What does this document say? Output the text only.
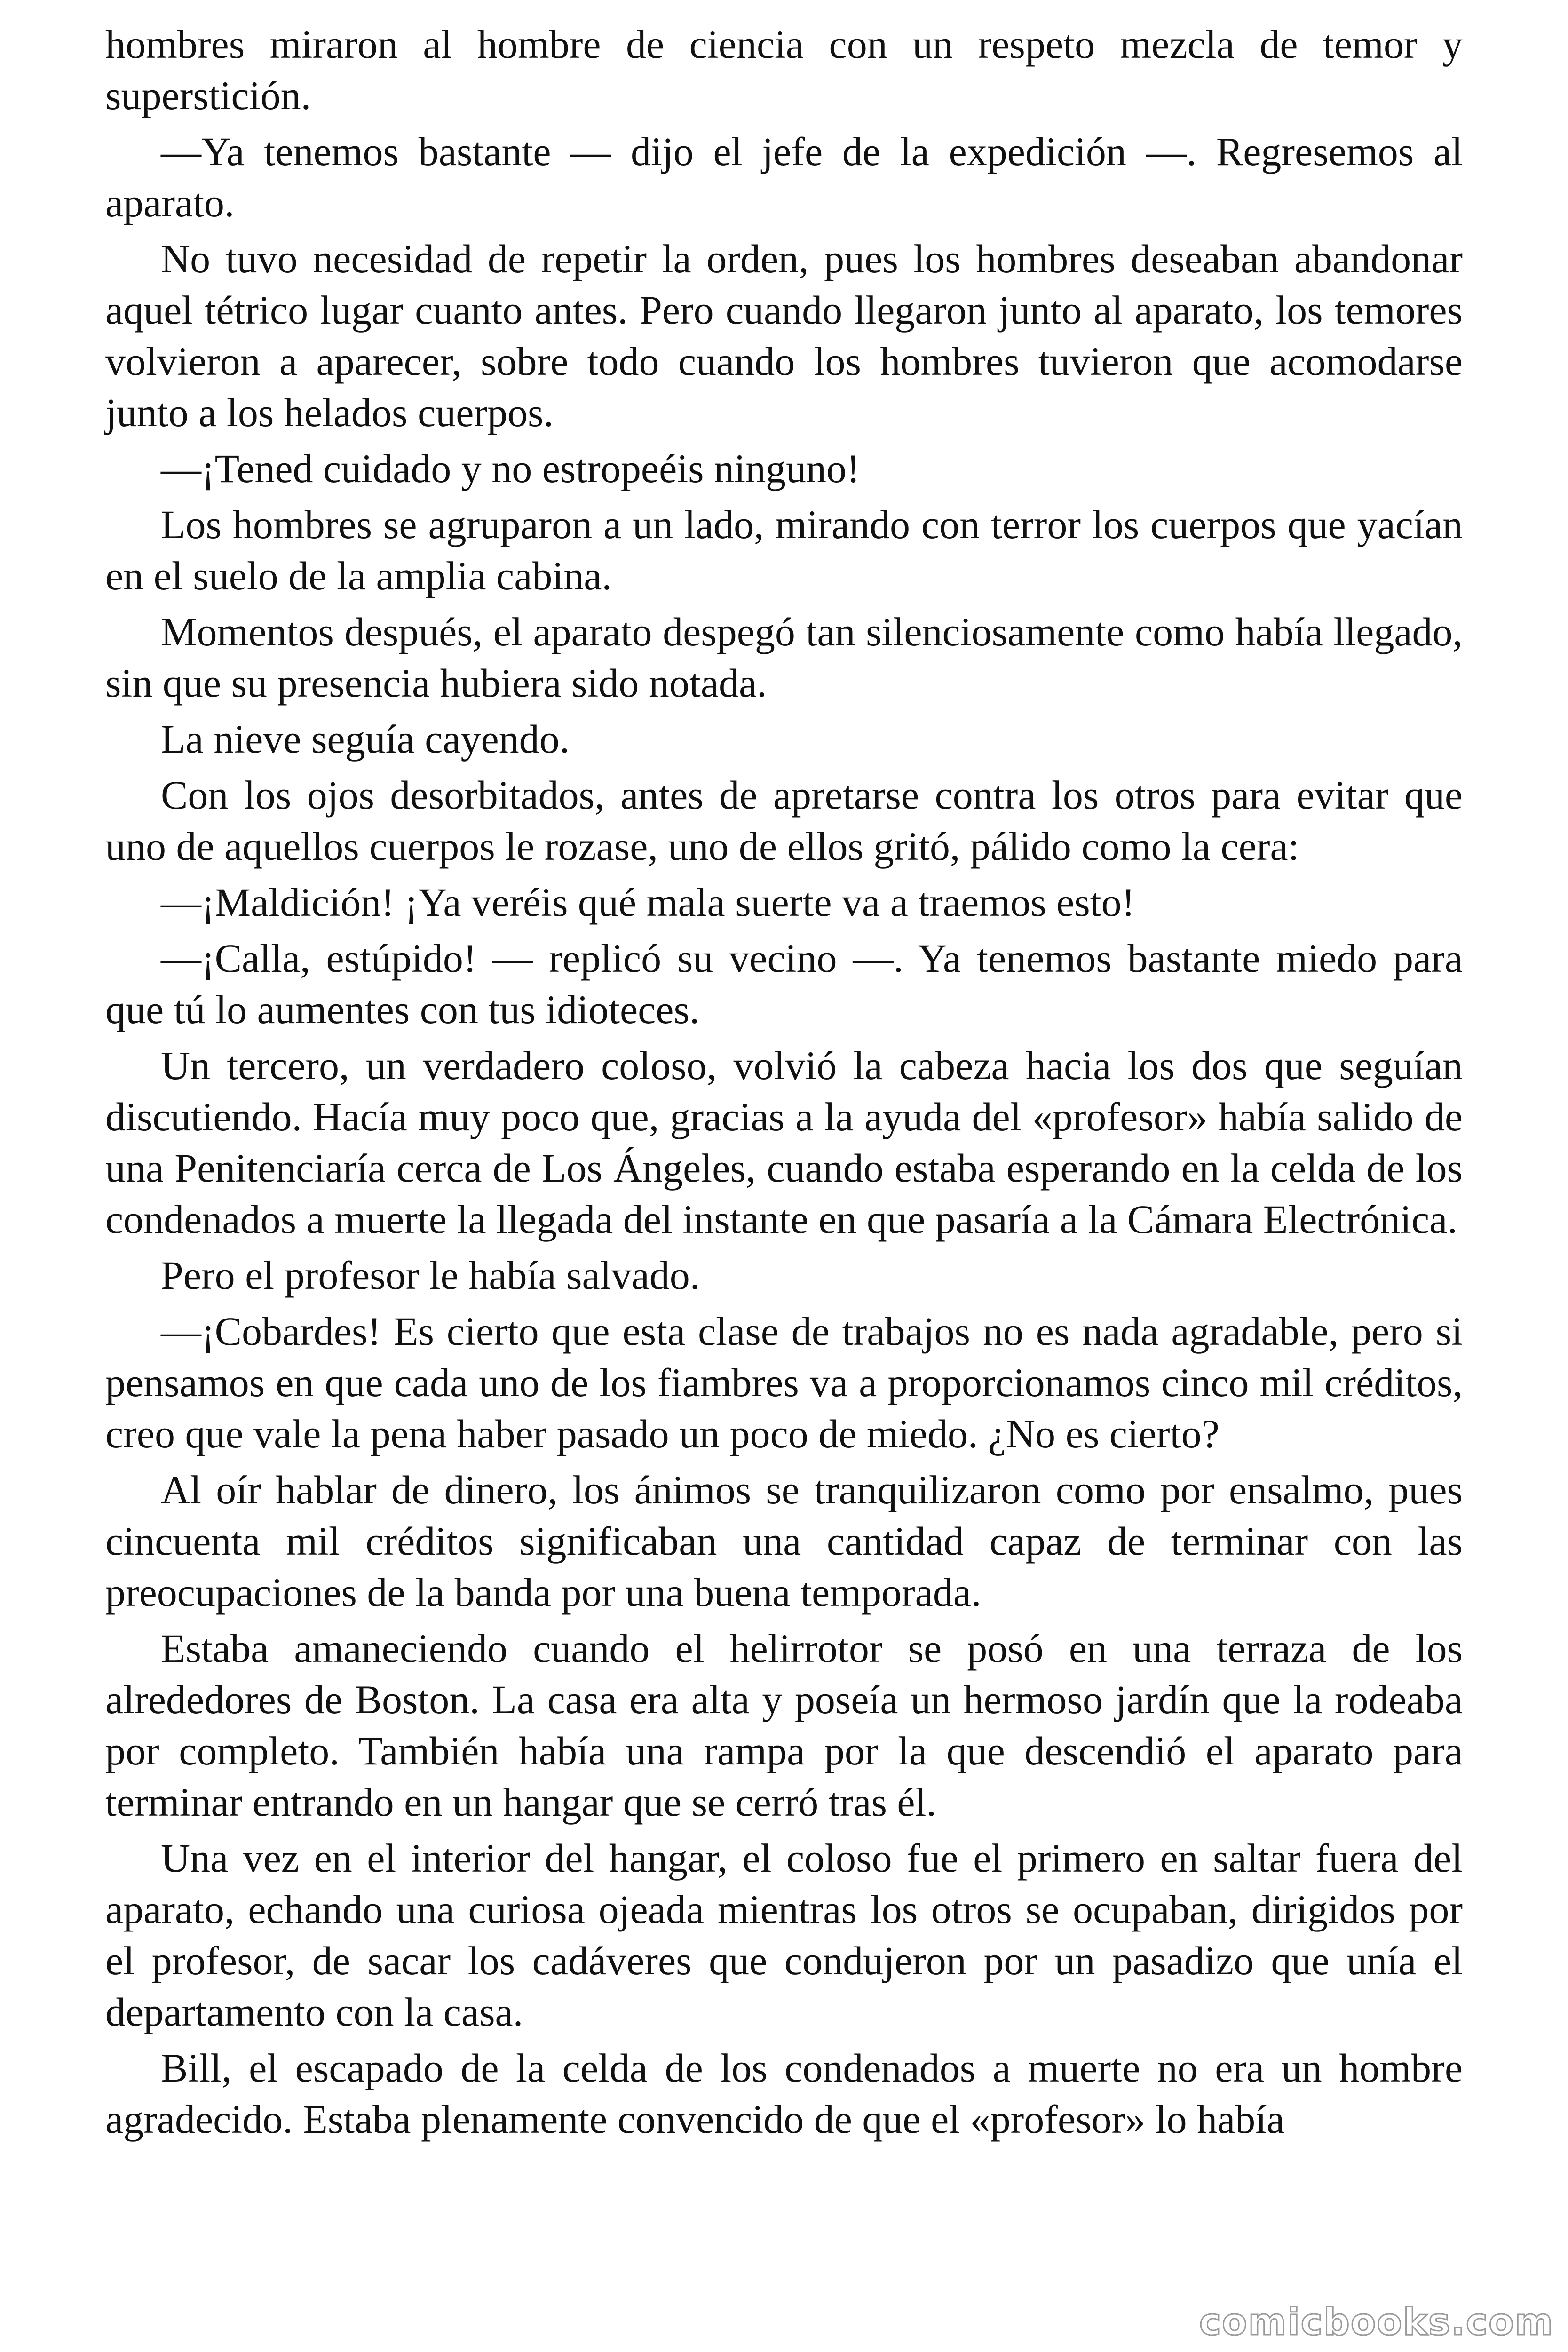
hombres miraron al hombre de ciencia con un respeto mezcla de temor y superstición.

—Ya tenemos bastante — dijo el jefe de la expedición —. Regresemos al aparato.

No tuvo necesidad de repetir la orden, pues los hombres deseaban abandonar aquel tétrico lugar cuanto antes. Pero cuando llegaron junto al aparato, los temores volvieron a aparecer, sobre todo cuando los hombres tuvieron que acomodarse junto a los helados cuerpos.

—¡Tened cuidado y no estropeéis ninguno!

Los hombres se agruparon a un lado, mirando con terror los cuerpos que yacían en el suelo de la amplia cabina.

Momentos después, el aparato despegó tan silenciosamente como había llegado, sin que su presencia hubiera sido notada.

La nieve seguía cayendo.

Con los ojos desorbitados, antes de apretarse contra los otros para evitar que uno de aquellos cuerpos le rozase, uno de ellos gritó, pálido como la cera:

—¡Maldición! ¡Ya veréis qué mala suerte va a traemos esto!

—¡Calla, estúpido! — replicó su vecino —. Ya tenemos bastante miedo para que tú lo aumentes con tus idioteces.

Un tercero, un verdadero coloso, volvió la cabeza hacia los dos que seguían discutiendo. Hacía muy poco que, gracias a la ayuda del «profesor» había salido de una Penitenciaría cerca de Los Ángeles, cuando estaba esperando en la celda de los condenados a muerte la llegada del instante en que pasaría a la Cámara Electrónica.

Pero el profesor le había salvado.

—¡Cobardes! Es cierto que esta clase de trabajos no es nada agradable, pero si pensamos en que cada uno de los fiambres va a proporcionamos cinco mil créditos, creo que vale la pena haber pasado un poco de miedo. ¿No es cierto?

Al oír hablar de dinero, los ánimos se tranquilizaron como por ensalmo, pues cincuenta mil créditos significaban una cantidad capaz de terminar con las preocupaciones de la banda por una buena temporada.

Estaba amaneciendo cuando el helirrotor se posó en una terraza de los alrededores de Boston. La casa era alta y poseía un hermoso jardín que la rodeaba por completo. También había una rampa por la que descendió el aparato para terminar entrando en un hangar que se cerró tras él.

Una vez en el interior del hangar, el coloso fue el primero en saltar fuera del aparato, echando una curiosa ojeada mientras los otros se ocupaban, dirigidos por el profesor, de sacar los cadáveres que condujeron por un pasadizo que unía el departamento con la casa.

Bill, el escapado de la celda de los condenados a muerte no era un hombre agradecido. Estaba plenamente convencido de que el «profesor» lo había

comicbooks.com
